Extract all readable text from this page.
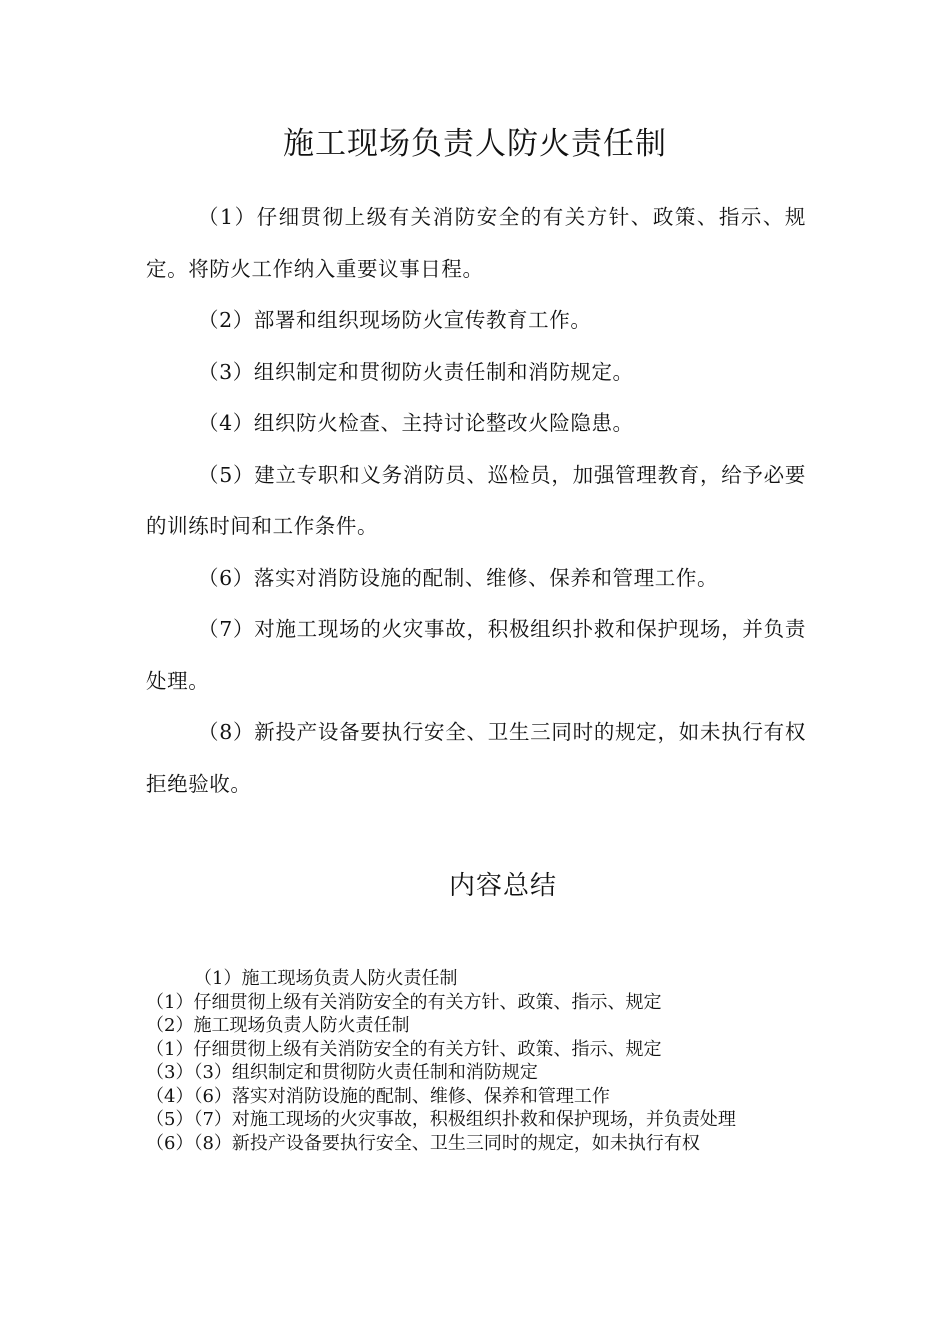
施工现场负责人防火责任制

（1）仔细贯彻上级有关消防安全的有关方针、政策、指示、规定。将防火工作纳入重要议事日程。

（2）部署和组织现场防火宣传教育工作。

（3）组织制定和贯彻防火责任制和消防规定。

（4）组织防火检查、主持讨论整改火险隐患。

（5）建立专职和义务消防员、巡检员，加强管理教育，给予必要的训练时间和工作条件。

（6）落实对消防设施的配制、维修、保养和管理工作。

（7）对施工现场的火灾事故，积极组织扑救和保护现场，并负责处理。

（8）新投产设备要执行安全、卫生三同时的规定，如未执行有权拒绝验收。

内容总结

（1）施工现场负责人防火责任制

（1）仔细贯彻上级有关消防安全的有关方针、政策、指示、规定

（2）施工现场负责人防火责任制

（1）仔细贯彻上级有关消防安全的有关方针、政策、指示、规定

（3）（3）组织制定和贯彻防火责任制和消防规定

（4）（6）落实对消防设施的配制、维修、保养和管理工作

（5）（7）对施工现场的火灾事故，积极组织扑救和保护现场，并负责处理

（6）（8）新投产设备要执行安全、卫生三同时的规定，如未执行有权
